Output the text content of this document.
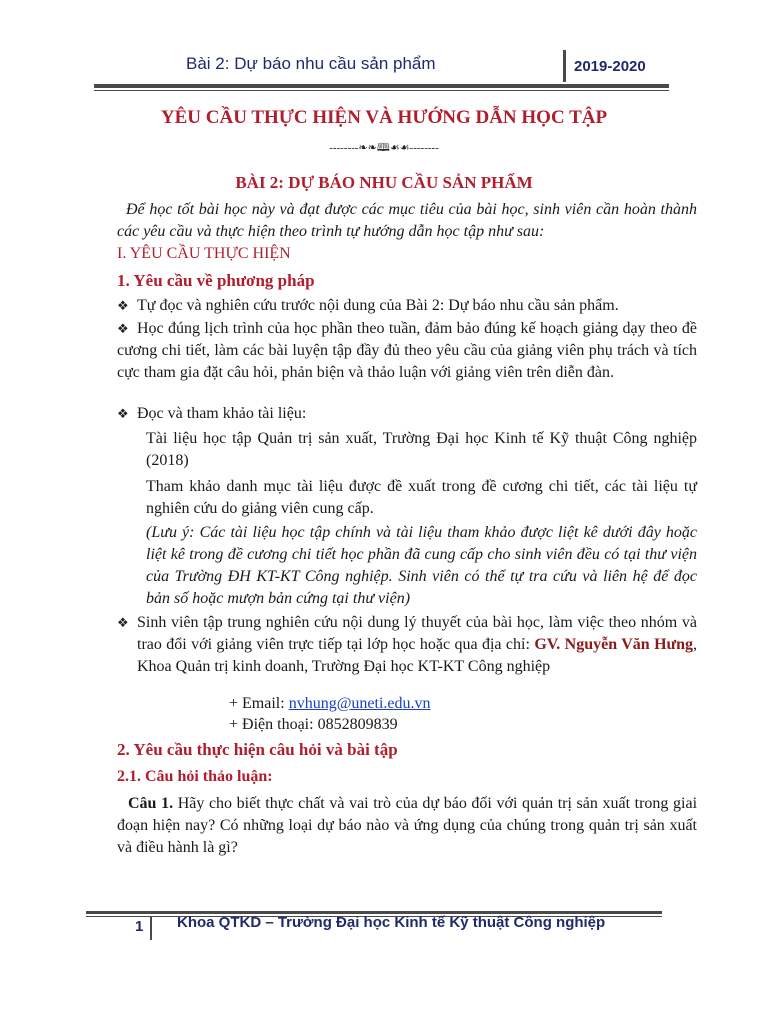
Bài 2: Dự báo nhu cầu sản phẩm	2019-2020
YÊU CẦU THỰC HIỆN VÀ HƯỚNG DẪN HỌC TẬP
--------❧❧🕮☙☙--------
BÀI 2: DỰ BÁO NHU CẦU SẢN PHẨM
Để học tốt bài học này và đạt được các mục tiêu của bài học, sinh viên cần hoàn thành các yêu cầu và thực hiện theo trình tự hướng dẫn học tập như sau:
I. YÊU CẦU THỰC HIỆN
1. Yêu cầu về phương pháp
❖ Tự đọc và nghiên cứu trước nội dung của Bài 2: Dự báo nhu cầu sản phẩm.
❖ Học đúng lịch trình của học phần theo tuần, đảm bảo đúng kế hoạch giảng dạy theo đề cương chi tiết, làm các bài luyện tập đầy đủ theo yêu cầu của giảng viên phụ trách và tích cực tham gia đặt câu hỏi, phản biện và thảo luận với giảng viên trên diễn đàn.
❖ Đọc và tham khảo tài liệu:
Tài liệu học tập Quản trị sản xuất, Trường Đại học Kinh tế Kỹ thuật Công nghiệp (2018)
Tham khảo danh mục tài liệu được đề xuất trong đề cương chi tiết, các tài liệu tự nghiên cứu do giảng viên cung cấp.
(Lưu ý: Các tài liệu học tập chính và tài liệu tham khảo được liệt kê dưới đây hoặc liệt kê trong đề cương chi tiết học phần đã cung cấp cho sinh viên đều có tại thư viện của Trường ĐH KT-KT Công nghiệp. Sinh viên có thể tự tra cứu và liên hệ để đọc bản số hoặc mượn bản cứng tại thư viện)
❖ Sinh viên tập trung nghiên cứu nội dung lý thuyết của bài học, làm việc theo nhóm và trao đổi với giảng viên trực tiếp tại lớp học hoặc qua địa chỉ: GV. Nguyễn Văn Hưng, Khoa Quản trị kinh doanh, Trường Đại học KT-KT Công nghiệp
+ Email: nvhung@uneti.edu.vn
+ Điện thoại: 0852809839
2. Yêu cầu thực hiện câu hỏi và bài tập
2.1. Câu hỏi thảo luận:
Câu 1. Hãy cho biết thực chất và vai trò của dự báo đối với quản trị sản xuất trong giai đoạn hiện nay? Có những loại dự báo nào và ứng dụng của chúng trong quản trị sản xuất và điều hành là gì?
1 Khoa QTKD – Trường Đại học Kinh tế Kỹ thuật Công nghiệp
